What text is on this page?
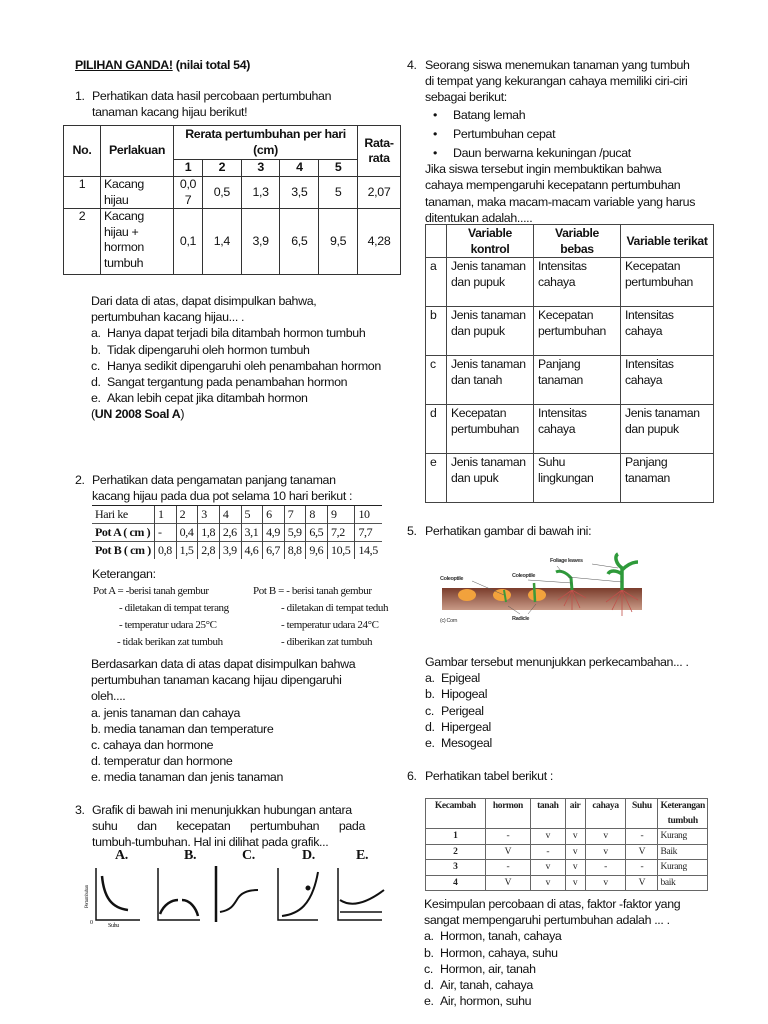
PILIHAN GANDA! (nilai total 54)
1. Perhatikan data hasil percobaan pertumbuhan
tanaman kacang hijau berikut!
No.	Perlakuan	Rerata pertumbuhan per hari (cm)					Rata-rata
		1	2	3	4	5	
1	Kacang hijau	0,07	0,5	1,3	3,5	5	2,07
2	Kacang hijau + hormon tumbuh	0,1	1,4	3,9	6,5	9,5	4,28
Dari data di atas, dapat disimpulkan bahwa,
pertumbuhan kacang hijau... .
a. Hanya dapat terjadi bila ditambah hormon tumbuh
b. Tidak dipengaruhi oleh hormon tumbuh
c. Hanya sedikit dipengaruhi oleh penambahan hormon
d. Sangat tergantung pada penambahan hormon
e. Akan lebih cepat jika ditambah hormon
(UN 2008 Soal A)
2. Perhatikan data pengamatan panjang tanaman
kacang hijau pada dua pot selama 10 hari berikut :
Hari ke	1	2	3	4	5	6	7	8	9	10
Pot A ( cm )	-	0,4	1,8	2,6	3,1	4,9	5,9	6,5	7,2	7,7
Pot B ( cm )	0,8	1,5	2,8	3,9	4,6	6,7	8,8	9,6	10,5	14,5
Keterangan:
Pot A = -berisi tanah gembur
- diletakan di tempat terang
- temperatur udara 25°C
- tidak berikan zat tumbuh
Pot B = - berisi tanah gembur
- diletakan di tempat teduh
- temperatur udara 24°C
- diberikan zat tumbuh
Berdasarkan data di atas dapat disimpulkan bahwa
pertumbuhan tanaman kacang hijau dipengaruhi
oleh....
a. jenis tanaman dan cahaya
b. media tanaman dan temperature
c. cahaya dan hormone
d. temperatur dan hormone
e. media tanaman dan jenis tanaman
3. Grafik di bawah ini menunjukkan hubungan antara
suhu dan kecepatan pertumbuhan pada
tumbuh-tumbuhan. Hal ini dilihat pada grafik...
A.	B.	C.	D.	E.
0	Suhu
Pertumbuhan
4. Seorang siswa menemukan tanaman yang tumbuh
di tempat yang kekurangan cahaya memiliki ciri-ciri
sebagai berikut:
• Batang lemah
• Pertumbuhan cepat
• Daun berwarna kekuningan /pucat
Jika siswa tersebut ingin membuktikan bahwa
cahaya mempengaruhi kecepatann pertumbuhan
tanaman, maka macam-macam variable yang harus
ditentukan adalah.....
	Variable kontrol	Variable bebas	Variable terikat
a	Jenis tanaman dan pupuk	Intensitas cahaya	Kecepatan pertumbuhan
b	Jenis tanaman dan pupuk	Kecepatan pertumbuhan	Intensitas cahaya
c	Jenis tanaman dan tanah	Panjang tanaman	Intensitas cahaya
d	Kecepatan pertumbuhan	Intensitas cahaya	Jenis tanaman dan pupuk
e	Jenis tanaman dan upuk	Suhu lingkungan	Panjang tanaman
5. Perhatikan gambar di bawah ini:
Foliage leaves
Coleoptile	Coleoptile
Radicle
(c) Corn
Gambar tersebut menunjukkan perkecambahan... .
a. Epigeal
b. Hipogeal
c. Perigeal
d. Hipergeal
e. Mesogeal
6. Perhatikan tabel berikut :
Kecambah	hormon	tanah	air	cahaya	Suhu	Keterangan tumbuh
1	-	v	v	v	-	Kurang
2	V	-	v	v	V	Baik
3	-	v	v	-	-	Kurang
4	V	v	v	v	V	baik
Kesimpulan percobaan di atas, faktor -faktor yang
sangat mempengaruhi pertumbuhan adalah ... .
a. Hormon, tanah, cahaya
b. Hormon, cahaya, suhu
c. Hormon, air, tanah
d. Air, tanah, cahaya
e. Air, hormon, suhu
